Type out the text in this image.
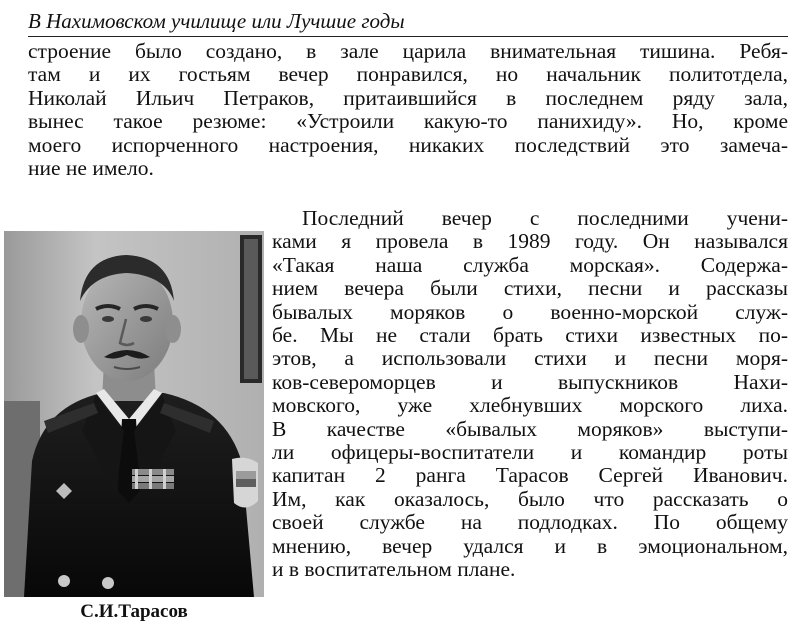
В Нахимовском училище или Лучшие годы
строение было создано, в зале царила внимательная тишина. Ребя-
там и их гостьям вечер понравился, но начальник политотдела,
Николай Ильич Петраков, притаившийся в последнем ряду зала,
вынес такое резюме: «Устроили какую-то панихиду». Но, кроме
моего испорченного настроения, никаких последствий это замеча-
ние не имело.
С.И.Тарасов
Последний вечер с последними учени-
ками я провела в 1989 году. Он назывался
«Такая наша служба морская». Содержа-
нием вечера были стихи, песни и рассказы
бывалых моряков о военно-морской служ-
бе. Мы не стали брать стихи известных по-
этов, а использовали стихи и песни моря-
ков-североморцев и выпускников Нахи-
мовского, уже хлебнувших морского лиха.
В качестве «бывалых моряков» выступи-
ли офицеры-воспитатели и командир роты
капитан 2 ранга Тарасов Сергей Иванович.
Им, как оказалось, было что рассказать о
своей службе на подлодках. По общему
мнению, вечер удался и в эмоциональном,
и в воспитательном плане.
